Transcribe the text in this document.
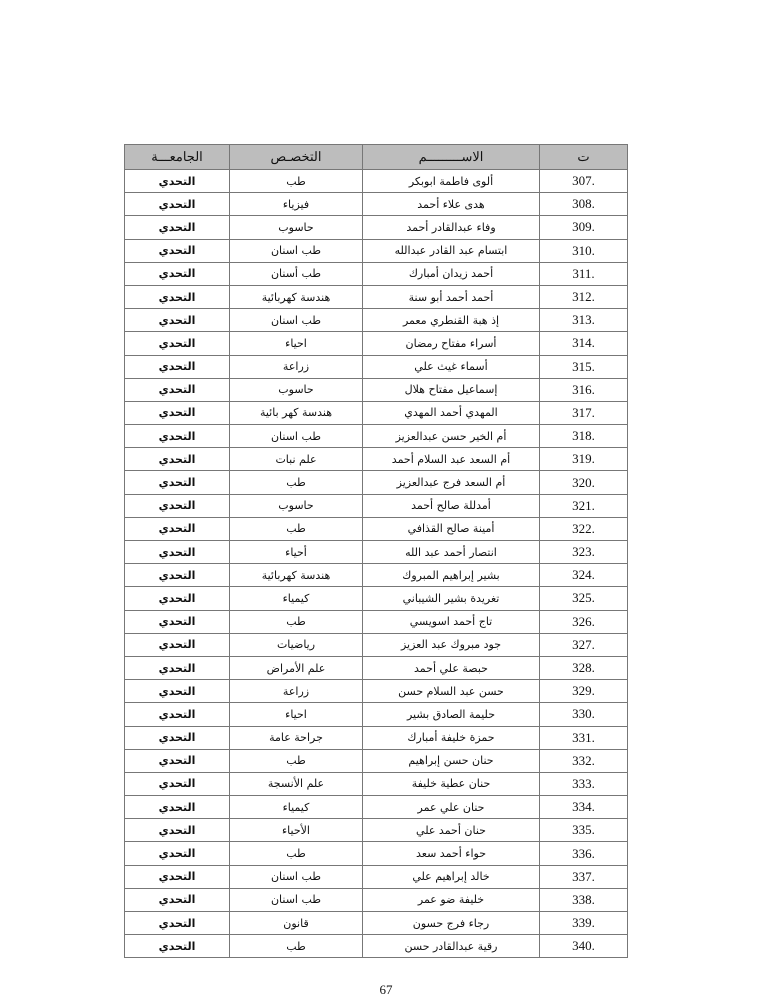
الجامعـــة	التخصـص	الاســـــــــم	ت
التحدي	طب	ألوى فاطمة ابوبكر	307.
التحدي	فيزياء	هدى علاء أحمد	308.
التحدي	حاسوب	وفاء عبدالقادر أحمد	309.
التحدي	طب اسنان	ابتسام عبد القادر عبدالله	310.
التحدي	طب أسنان	أحمد زيدان أمبارك	311.
التحدي	هندسة كهربائية	أحمد أحمد أبو سنة	312.
التحدي	طب اسنان	إذ هبة القنطري معمر	313.
التحدي	احياء	أسراء مفتاح رمضان	314.
التحدي	زراعة	أسماء غيث علي	315.
التحدي	حاسوب	إسماعيل مفتاح هلال	316.
التحدي	هندسة كهر بائية	المهدي أحمد المهدي	317.
التحدي	طب اسنان	أم الخير حسن عبدالعزيز	318.
التحدي	علم نبات	أم السعد عبد السلام أحمد	319.
التحدي	طب	أم السعد فرج عبدالعزيز	320.
التحدي	حاسوب	أمدللة صالح أحمد	321.
التحدي	طب	أمينة صالح القذافي	322.
التحدي	أحياء	انتصار أحمد عبد الله	323.
التحدي	هندسة كهربائية	بشير إبراهيم المبروك	324.
التحدي	كيمياء	تغريدة بشير الشيباني	325.
التحدي	طب	تاج أحمد اسويسي	326.
التحدي	رياضيات	جود مبروك عبد العزيز	327.
التحدي	علم الأمراض	حبصة علي أحمد	328.
التحدي	زراعة	حسن عبد السلام حسن	329.
التحدي	احياء	حليمة الصادق بشير	330.
التحدي	جراحة عامة	حمزة خليفة أمبارك	331.
التحدي	طب	حنان حسن إبراهيم	332.
التحدي	علم الأنسجة	حنان عطية خليفة	333.
التحدي	كيمياء	حنان علي عمر	334.
التحدي	الأحياء	حنان أحمد علي	335.
التحدي	طب	حواء أحمد سعد	336.
التحدي	طب اسنان	خالد إبراهيم علي	337.
التحدي	طب اسنان	خليفة ضو عمر	338.
التحدي	قانون	رجاء فرج حسون	339.
التحدي	طب	رقية عبدالقادر حسن	340.
67
